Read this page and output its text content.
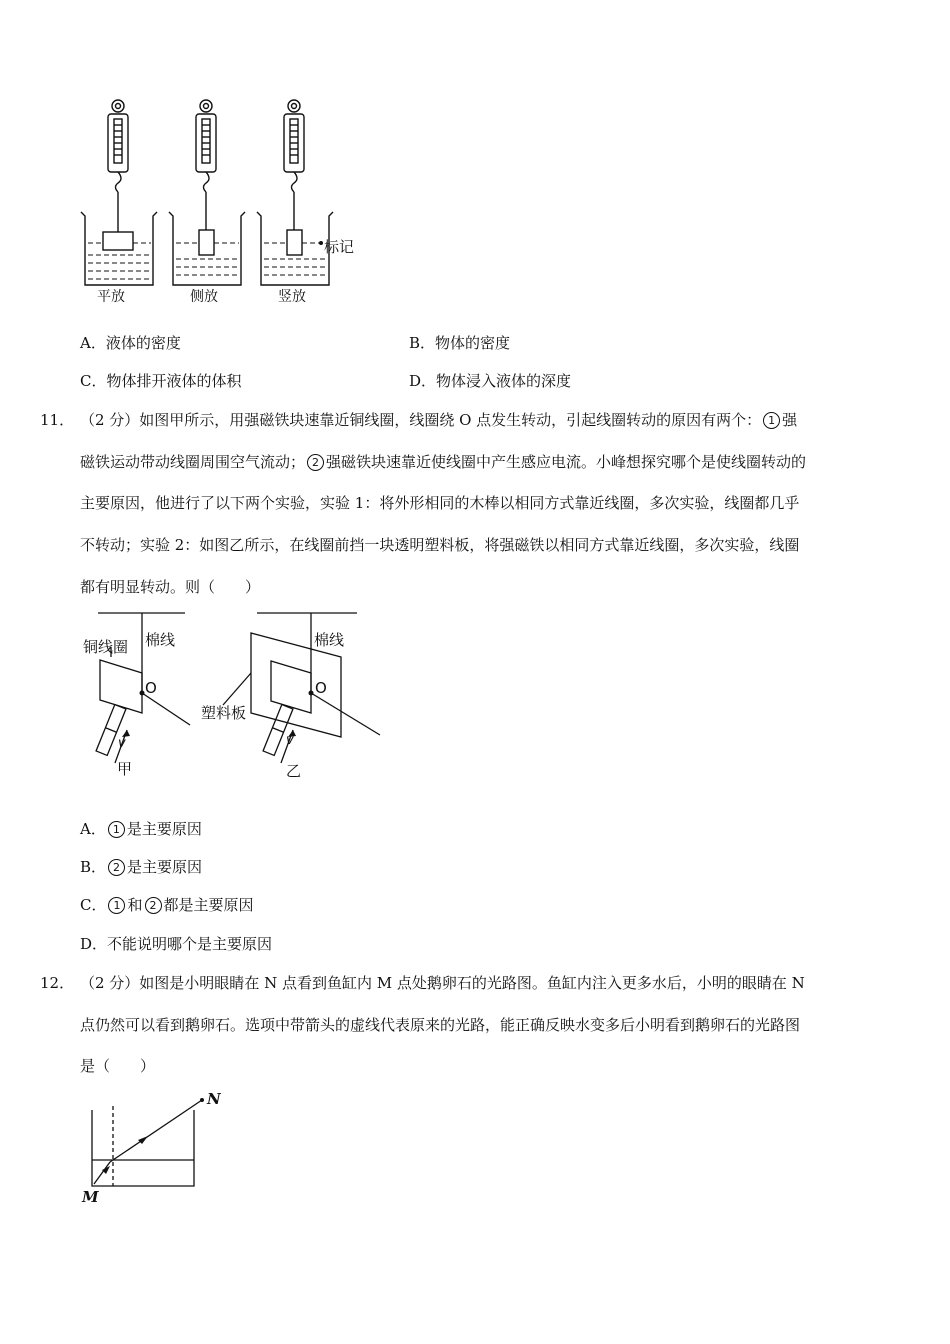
标记
平放	侧放	竖放
A．液体的密度	B．物体的密度
C．物体排开液体的体积	D．物体浸入液体的深度
11． （2 分）如图甲所示，用强磁铁块速靠近铜线圈，线圈绕 O 点发生转动，引起线圈转动的原因有两个： 1 强
磁铁运动带动线圈周围空气流动； 2 强磁铁块速靠近使线圈中产生感应电流。小峰想探究哪个是使线圈转动的
主要原因，他进行了以下两个实验，实验 1：将外形相同的木棒以相同方式靠近线圈，多次实验，线圈都几乎
不转动；实验 2：如图乙所示，在线圈前挡一块透明塑料板，将强磁铁以相同方式靠近线圈，多次实验，线圈
都有明显转动。则（　　）
铜线圈 棉线
O
甲
v
棉线
O
塑料板
乙
v
A． 1 是主要原因
B． 2 是主要原因
C． 1 和 2 都是主要原因
D．不能说明哪个是主要原因
12． （2 分）如图是小明眼睛在 N 点看到鱼缸内 M 点处鹅卵石的光路图。鱼缸内注入更多水后，小明的眼睛在 N
点仍然可以看到鹅卵石。选项中带箭头的虚线代表原来的光路，能正确反映水变多后小明看到鹅卵石的光路图
是（　　）
N
M
